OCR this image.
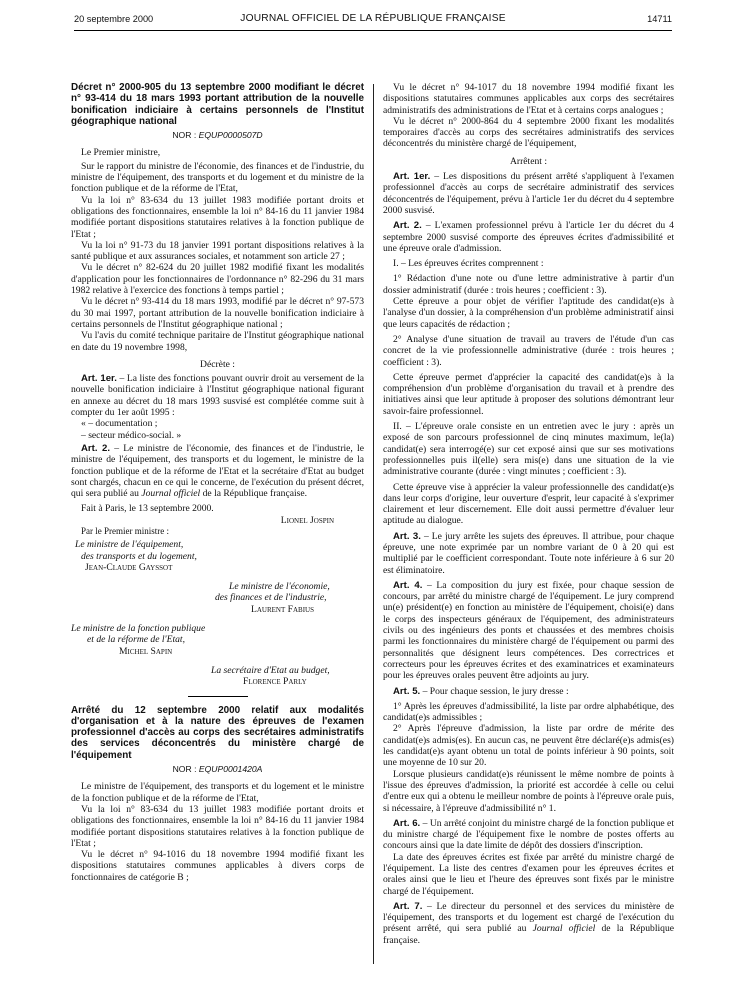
20 septembre 2000	JOURNAL OFFICIEL DE LA RÉPUBLIQUE FRANÇAISE	14711

Décret n° 2000-905 du 13 septembre 2000 modifiant le décret n° 93-414 du 18 mars 1993 portant attribution de la nouvelle bonification indiciaire à certains personnels de l'Institut géographique national

NOR : EQUP0000507D

Le Premier ministre,

Sur le rapport du ministre de l'économie, des finances et de l'industrie, du ministre de l'équipement, des transports et du logement et du ministre de la fonction publique et de la réforme de l'Etat,

Vu la loi n° 83-634 du 13 juillet 1983 modifiée portant droits et obligations des fonctionnaires, ensemble la loi n° 84-16 du 11 janvier 1984 modifiée portant dispositions statutaires relatives à la fonction publique de l'Etat ;

Vu la loi n° 91-73 du 18 janvier 1991 portant dispositions relatives à la santé publique et aux assurances sociales, et notamment son article 27 ;

Vu le décret n° 82-624 du 20 juillet 1982 modifié fixant les modalités d'application pour les fonctionnaires de l'ordonnance n° 82-296 du 31 mars 1982 relative à l'exercice des fonctions à temps partiel ;

Vu le décret n° 93-414 du 18 mars 1993, modifié par le décret n° 97-573 du 30 mai 1997, portant attribution de la nouvelle bonification indiciaire à certains personnels de l'Institut géographique national ;

Vu l'avis du comité technique paritaire de l'Institut géographique national en date du 19 novembre 1998,

Décrète :

Art. 1er. – La liste des fonctions pouvant ouvrir droit au versement de la nouvelle bonification indiciaire à l'Institut géographique national figurant en annexe au décret du 18 mars 1993 susvisé est complétée comme suit à compter du 1er août 1995 :

« – documentation ;

– secteur médico-social. »

Art. 2. – Le ministre de l'économie, des finances et de l'industrie, le ministre de l'équipement, des transports et du logement, le ministre de la fonction publique et de la réforme de l'Etat et la secrétaire d'Etat au budget sont chargés, chacun en ce qui le concerne, de l'exécution du présent décret, qui sera publié au Journal officiel de la République française.

Fait à Paris, le 13 septembre 2000.

Lionel Jospin

Par le Premier ministre :

Le ministre de l'équipement,
des transports et du logement,
Jean-Claude Gayssot
Le ministre de l'économie,
des finances et de l'industrie,
Laurent Fabius
Le ministre de la fonction publique
et de la réforme de l'Etat,
Michel Sapin
La secrétaire d'Etat au budget,
Florence Parly

Arrêté du 12 septembre 2000 relatif aux modalités d'organisation et à la nature des épreuves de l'examen professionnel d'accès au corps des secrétaires administratifs des services déconcentrés du ministère chargé de l'équipement

NOR : EQUP0001420A

Le ministre de l'équipement, des transports et du logement et le ministre de la fonction publique et de la réforme de l'Etat,

Vu la loi n° 83-634 du 13 juillet 1983 modifiée portant droits et obligations des fonctionnaires, ensemble la loi n° 84-16 du 11 janvier 1984 modifiée portant dispositions statutaires relatives à la fonction publique de l'Etat ;

Vu le décret n° 94-1016 du 18 novembre 1994 modifié fixant les dispositions statutaires communes applicables à divers corps de fonctionnaires de catégorie B ;

Vu le décret n° 94-1017 du 18 novembre 1994 modifié fixant les dispositions statutaires communes applicables aux corps des secrétaires administratifs des administrations de l'Etat et à certains corps analogues ;

Vu le décret n° 2000-864 du 4 septembre 2000 fixant les modalités temporaires d'accès au corps des secrétaires administratifs des services déconcentrés du ministère chargé de l'équipement,

Arrêtent :

Art. 1er. – Les dispositions du présent arrêté s'appliquent à l'examen professionnel d'accès au corps de secrétaire administratif des services déconcentrés de l'équipement, prévu à l'article 1er du décret du 4 septembre 2000 susvisé.

Art. 2. – L'examen professionnel prévu à l'article 1er du décret du 4 septembre 2000 susvisé comporte des épreuves écrites d'admissibilité et une épreuve orale d'admission.

I. – Les épreuves écrites comprennent :

1° Rédaction d'une note ou d'une lettre administrative à partir d'un dossier administratif (durée : trois heures ; coefficient : 3).

Cette épreuve a pour objet de vérifier l'aptitude des candidat(e)s à l'analyse d'un dossier, à la compréhension d'un problème administratif ainsi que leurs capacités de rédaction ;

2° Analyse d'une situation de travail au travers de l'étude d'un cas concret de la vie professionnelle administrative (durée : trois heures ; coefficient : 3).

Cette épreuve permet d'apprécier la capacité des candidat(e)s à la compréhension d'un problème d'organisation du travail et à prendre des initiatives ainsi que leur aptitude à proposer des solutions démontrant leur savoir-faire professionnel.

II. – L'épreuve orale consiste en un entretien avec le jury : après un exposé de son parcours professionnel de cinq minutes maximum, le(la) candidat(e) sera interrogé(e) sur cet exposé ainsi que sur ses motivations professionnelles puis il(elle) sera mis(e) dans une situation de la vie administrative courante (durée : vingt minutes ; coefficient : 3).

Cette épreuve vise à apprécier la valeur professionnelle des candidat(e)s dans leur corps d'origine, leur ouverture d'esprit, leur capacité à s'exprimer clairement et leur discernement. Elle doit aussi permettre d'évaluer leur aptitude au dialogue.

Art. 3. – Le jury arrête les sujets des épreuves. Il attribue, pour chaque épreuve, une note exprimée par un nombre variant de 0 à 20 qui est multiplié par le coefficient correspondant. Toute note inférieure à 6 sur 20 est éliminatoire.

Art. 4. – La composition du jury est fixée, pour chaque session de concours, par arrêté du ministre chargé de l'équipement. Le jury comprend un(e) président(e) en fonction au ministère de l'équipement, choisi(e) dans le corps des inspecteurs généraux de l'équipement, des administrateurs civils ou des ingénieurs des ponts et chaussées et des membres choisis parmi les fonctionnaires du ministère chargé de l'équipement ou parmi des personnalités que désignent leurs compétences. Des correctrices et correcteurs pour les épreuves écrites et des examinatrices et examinateurs pour les épreuves orales peuvent être adjoints au jury.

Art. 5. – Pour chaque session, le jury dresse :

1° Après les épreuves d'admissibilité, la liste par ordre alphabétique, des candidat(e)s admissibles ;

2° Après l'épreuve d'admission, la liste par ordre de mérite des candidat(e)s admis(es). En aucun cas, ne peuvent être déclaré(e)s admis(es) les candidat(e)s ayant obtenu un total de points inférieur à 90 points, soit une moyenne de 10 sur 20.

Lorsque plusieurs candidat(e)s réunissent le même nombre de points à l'issue des épreuves d'admission, la priorité est accordée à celle ou celui d'entre eux qui a obtenu le meilleur nombre de points à l'épreuve orale puis, si nécessaire, à l'épreuve d'admissibilité n° 1.

Art. 6. – Un arrêté conjoint du ministre chargé de la fonction publique et du ministre chargé de l'équipement fixe le nombre de postes offerts au concours ainsi que la date limite de dépôt des dossiers d'inscription.

La date des épreuves écrites est fixée par arrêté du ministre chargé de l'équipement. La liste des centres d'examen pour les épreuves écrites et orales ainsi que le lieu et l'heure des épreuves sont fixés par le ministre chargé de l'équipement.

Art. 7. – Le directeur du personnel et des services du ministère de l'équipement, des transports et du logement est chargé de l'exécution du présent arrêté, qui sera publié au Journal officiel de la République française.
